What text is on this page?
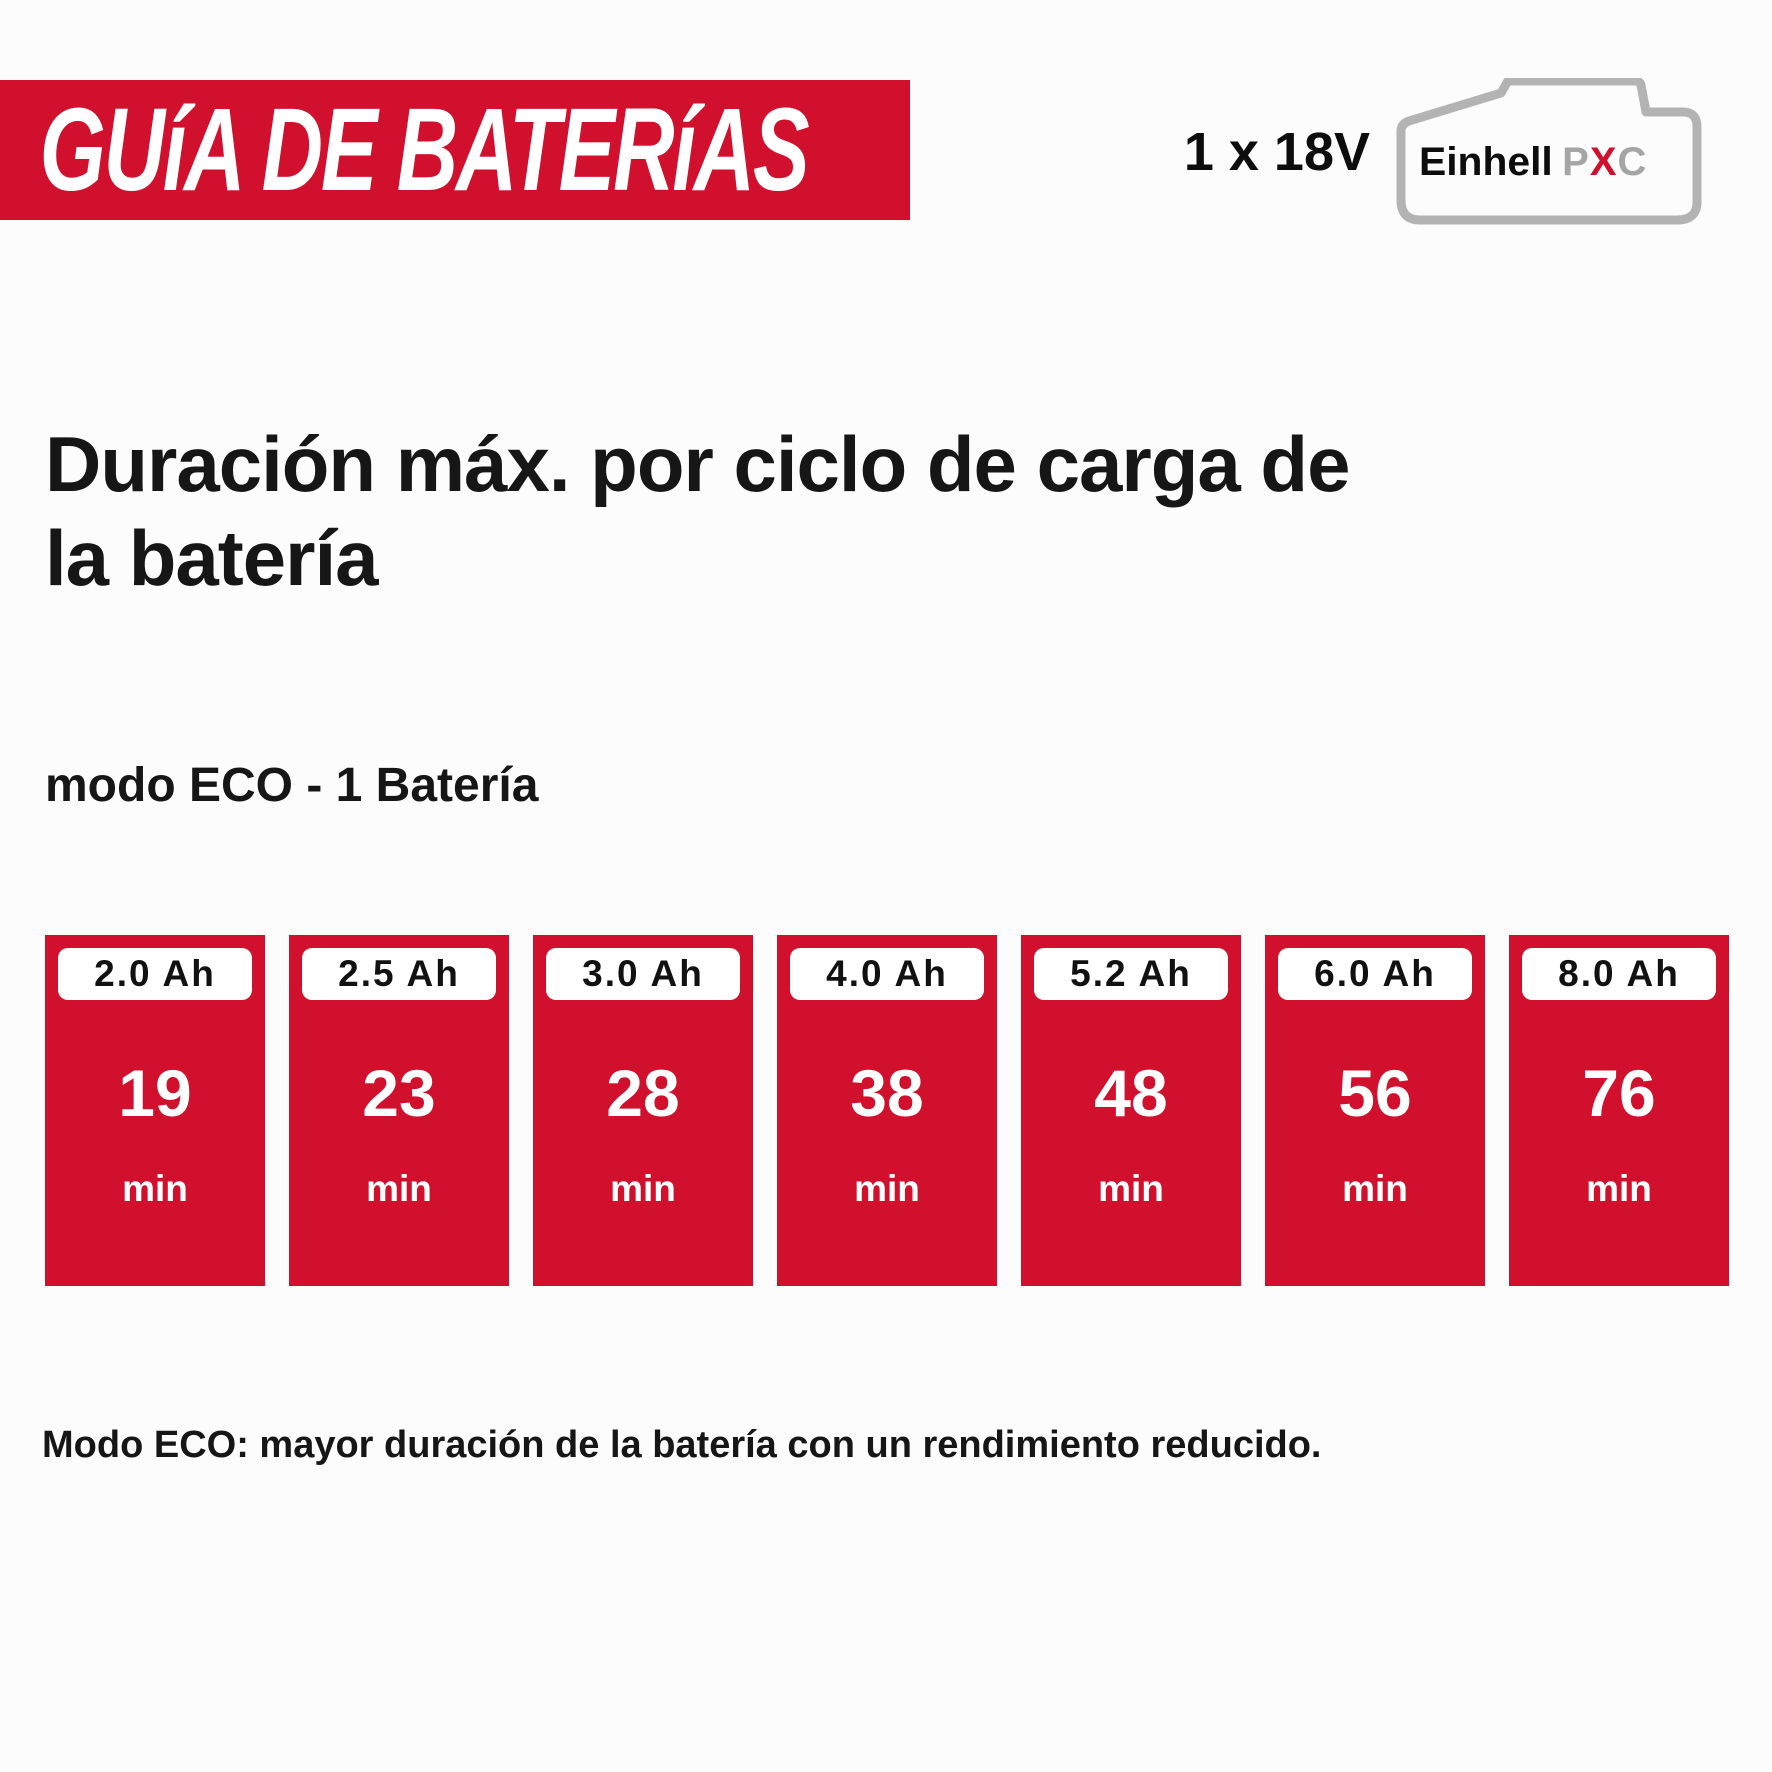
GUíA DE BATERíAS	1 x 18V Einhell PXC
Duración máx. por ciclo de carga de
la batería
modo ECO - 1 Batería
2.0 Ah
19
min
2.5 Ah
23
min
3.0 Ah
28
min
4.0 Ah
38
min
5.2 Ah
48
min
6.0 Ah
56
min
8.0 Ah
76
min

Modo ECO: mayor duración de la batería con un rendimiento reducido.
